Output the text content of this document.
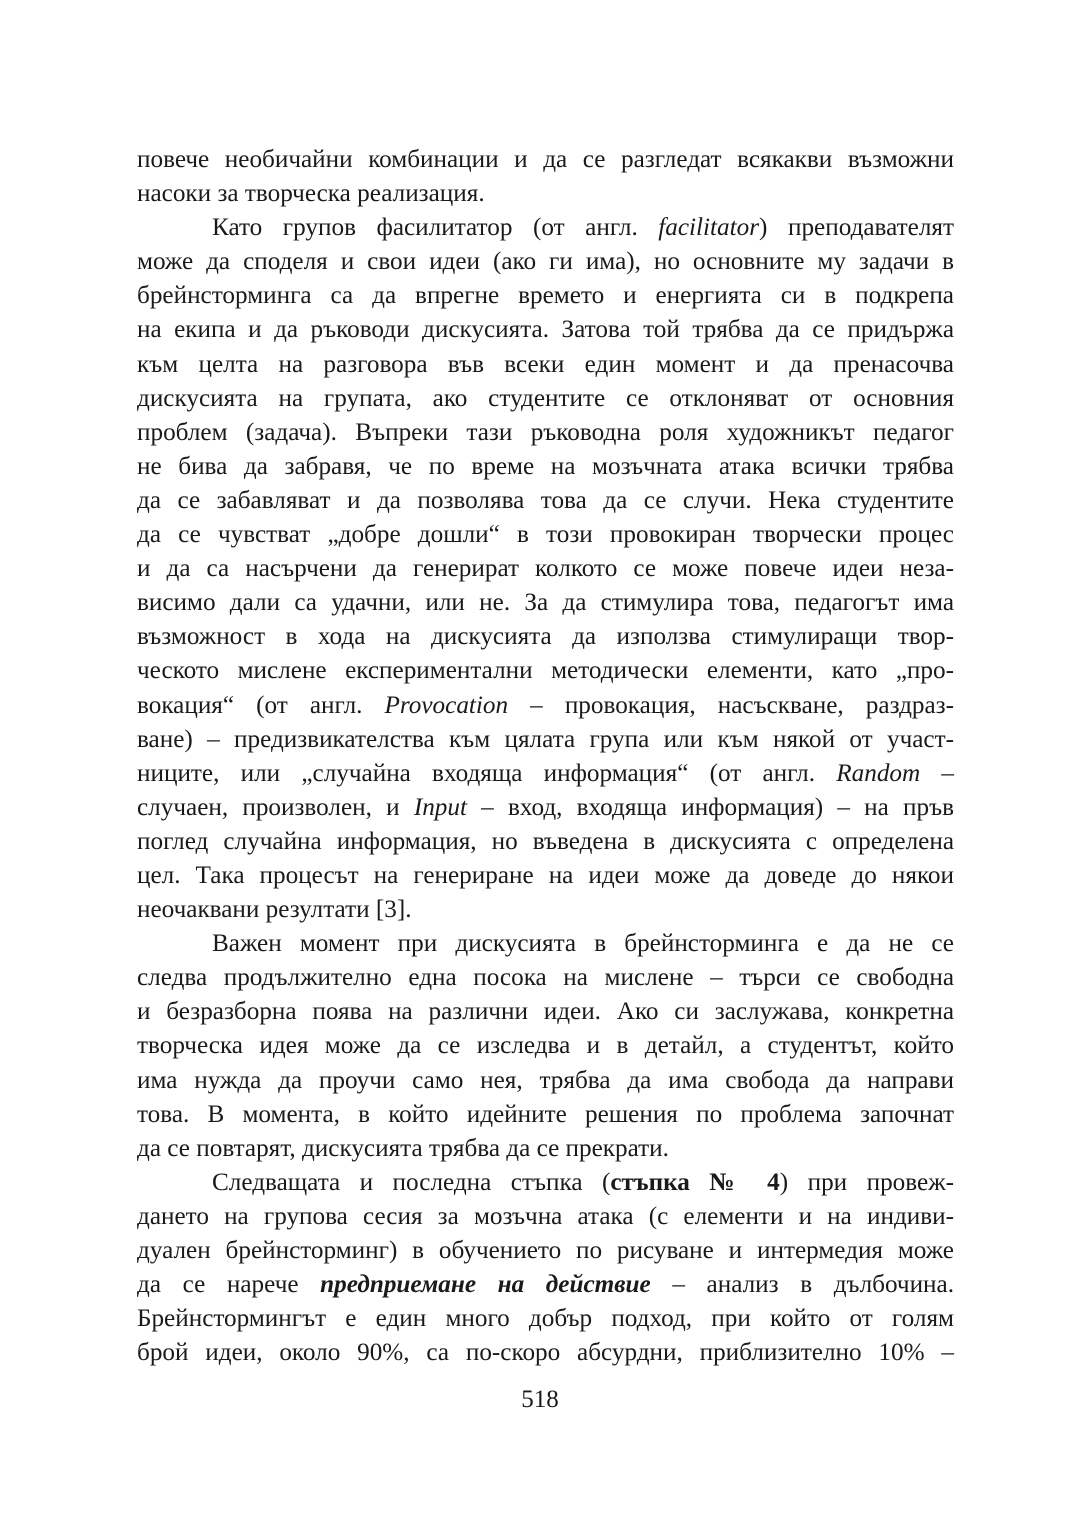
повече необичайни комбинации и да се разгледат всякакви възможни
насоки за творческа реализация.
Като групов фасилитатор (от англ. facilitator) преподавателят
може да споделя и свои идеи (ако ги има), но основните му задачи в
брейнсторминга са да впрегне времето и енергията си в подкрепа
на екипа и да ръководи дискусията. Затова той трябва да се придържа
към целта на разговора във всеки един момент и да пренасочва
дискусията на групата, ако студентите се отклоняват от основния
проблем (задача). Въпреки тази ръководна роля художникът педагог
не бива да забравя, че по време на мозъчната атака всички трябва
да се забавляват и да позволява това да се случи. Нека студентите
да се чувстват „добре дошли“ в този провокиран творчески процес
и да са насърчени да генерират колкото се може повече идеи неза-
висимо дали са удачни, или не. За да стимулира това, педагогът има
възможност в хода на дискусията да използва стимулиращи твор-
ческото мислене експериментални методически елементи, като „про-
вокация“ (от англ. Provocation – провокация, насъскване, раздраз-
ване) – предизвикателства към цялата група или към някой от участ-
ниците, или „случайна входяща информация“ (от англ. Random –
случаен, произволен, и Input – вход, входяща информация) – на пръв
поглед случайна информация, но въведена в дискусията с определена
цел. Така процесът на генериране на идеи може да доведе до някои
неочаквани резултати [3].
Важен момент при дискусията в брейнсторминга е да не се
следва продължително една посока на мислене – търси се свободна
и безразборна поява на различни идеи. Ако си заслужава, конкретна
творческа идея може да се изследва и в детайл, а студентът, който
има нужда да проучи само нея, трябва да има свобода да направи
това. В момента, в който идейните решения по проблема започнат
да се повтарят, дискусията трябва да се прекрати.
Следващата и последна стъпка (стъпка № 4) при провеж-
дането на групова сесия за мозъчна атака (с елементи и на индиви-
дуален брейнсторминг) в обучението по рисуване и интермедия може
да се нарече предприемане на действие – анализ в дълбочина.
Брейнстормингът е един много добър подход, при който от голям
брой идеи, около 90%, са по-скоро абсурдни, приблизително 10% –
518
